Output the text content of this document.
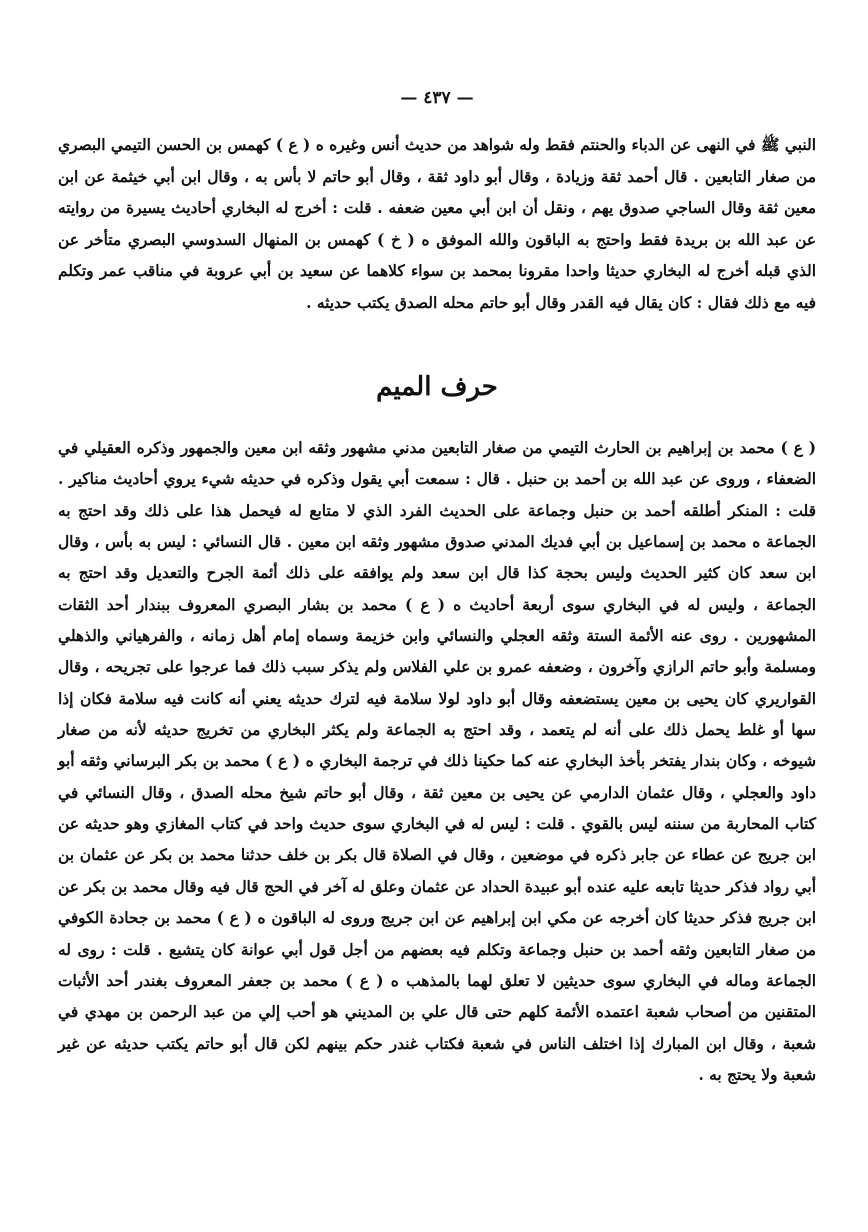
— ٤٣٧ —

النبي ﷺ في النهى عن الدباء والحنتم فقط وله شواهد من حديث أنس وغيره ه ( ع ) كهمس بن الحسن التيمي البصري من صغار التابعين . قال أحمد ثقة وزيادة ، وقال أبو داود ثقة ، وقال أبو حاتم لا بأس به ، وقال ابن أبي خيثمة عن ابن معين ثقة وقال الساجي صدوق يهم ، ونقل أن ابن أبي معين ضعفه . قلت : أخرج له البخاري أحاديث يسيرة من روايته عن عبد الله بن بريدة فقط واحتج به الباقون والله الموفق ه ( خ ) كهمس بن المنهال السدوسي البصري متأخر عن الذي قبله أخرج له البخاري حديثا واحدا مقرونا بمحمد بن سواء كلاهما عن سعيد بن أبي عروبة في مناقب عمر وتكلم فيه مع ذلك فقال : كان يقال فيه القدر وقال أبو حاتم محله الصدق يكتب حديثه .

حرف الميم

( ع ) محمد بن إبراهيم بن الحارث التيمي من صغار التابعين مدني مشهور وثقه ابن معين والجمهور وذكره العقيلي في الضعفاء ، وروى عن عبد الله بن أحمد بن حنبل . قال : سمعت أبي يقول وذكره في حديثه شيء يروي أحاديث مناكير . قلت : المنكر أطلقه أحمد بن حنبل وجماعة على الحديث الفرد الذي لا متابع له فيحمل هذا على ذلك وقد احتج به الجماعة ه محمد بن إسماعيل بن أبي فديك المدني صدوق مشهور وثقه ابن معين . قال النسائي : ليس به بأس ، وقال ابن سعد كان كثير الحديث وليس بحجة كذا قال ابن سعد ولم يوافقه على ذلك أئمة الجرح والتعديل وقد احتج به الجماعة ، وليس له في البخاري سوى أربعة أحاديث ه ( ع ) محمد بن بشار البصري المعروف ببندار أحد الثقات المشهورين . روى عنه الأئمة الستة وثقه العجلي والنسائي وابن خزيمة وسماه إمام أهل زمانه ، والفرهياني والذهلي ومسلمة وأبو حاتم الرازي وآخرون ، وضعفه عمرو بن علي الفلاس ولم يذكر سبب ذلك فما عرجوا على تجريحه ، وقال القواريري كان يحيى بن معين يستضعفه وقال أبو داود لولا سلامة فيه لترك حديثه يعني أنه كانت فيه سلامة فكان إذا سها أو غلط يحمل ذلك على أنه لم يتعمد ، وقد احتج به الجماعة ولم يكثر البخاري من تخريج حديثه لأنه من صغار شيوخه ، وكان بندار يفتخر بأخذ البخاري عنه كما حكينا ذلك في ترجمة البخاري ه ( ع ) محمد بن بكر البرساني وثقه أبو داود والعجلي ، وقال عثمان الدارمي عن يحيى بن معين ثقة ، وقال أبو حاتم شيخ محله الصدق ، وقال النسائي في كتاب المحاربة من سننه ليس بالقوي . قلت : ليس له في البخاري سوى حديث واحد في كتاب المغازي وهو حديثه عن ابن جريج عن عطاء عن جابر ذكره في موضعين ، وقال في الصلاة قال بكر بن خلف حدثنا محمد بن بكر عن عثمان بن أبي رواد فذكر حديثا تابعه عليه عنده أبو عبيدة الحداد عن عثمان وعلق له آخر في الحج قال فيه وقال محمد بن بكر عن ابن جريج فذكر حديثا كان أخرجه عن مكي ابن إبراهيم عن ابن جريج وروى له الباقون ه ( ع ) محمد بن جحادة الكوفي من صغار التابعين وثقه أحمد بن حنبل وجماعة وتكلم فيه بعضهم من أجل قول أبي عوانة كان يتشيع . قلت : روى له الجماعة وماله في البخاري سوى حديثين لا تعلق لهما بالمذهب ه ( ع ) محمد بن جعفر المعروف بغندر أحد الأثبات المتقنين من أصحاب شعبة اعتمده الأئمة كلهم حتى قال علي بن المديني هو أحب إلي من عبد الرحمن بن مهدي في شعبة ، وقال ابن المبارك إذا اختلف الناس في شعبة فكتاب غندر حكم بينهم لكن قال أبو حاتم يكتب حديثه عن غير شعبة ولا يحتج به .
